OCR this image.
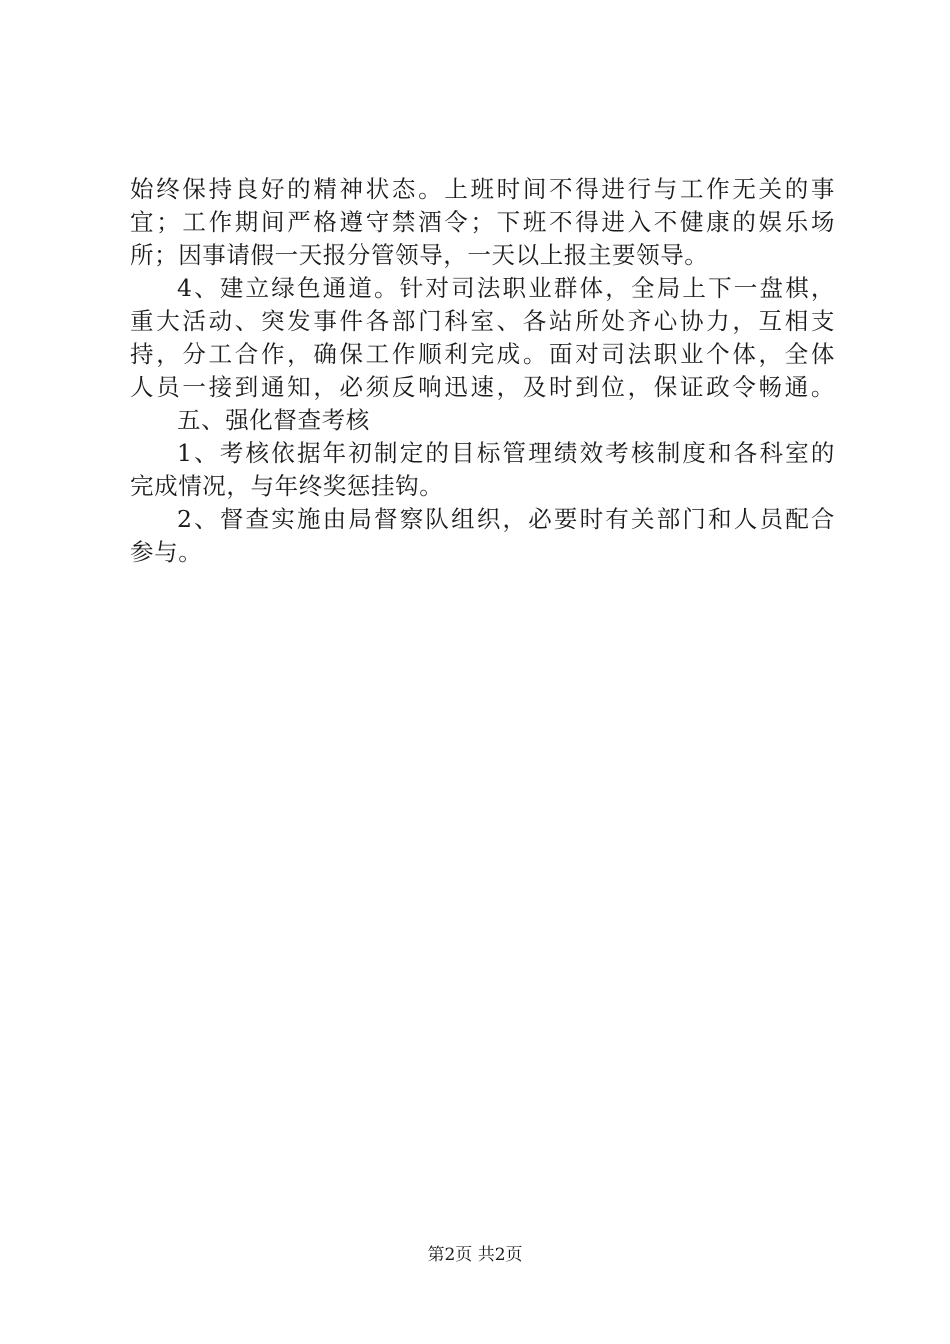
始终保持良好的精神状态。上班时间不得进行与工作无关的事
宜；工作期间严格遵守禁酒令；下班不得进入不健康的娱乐场
所；因事请假一天报分管领导，一天以上报主要领导。
4、建立绿色通道。针对司法职业群体，全局上下一盘棋，
重大活动、突发事件各部门科室、各站所处齐心协力，互相支
持，分工合作，确保工作顺利完成。面对司法职业个体，全体
人员一接到通知，必须反响迅速，及时到位，保证政令畅通。
五、强化督查考核
1、考核依据年初制定的目标管理绩效考核制度和各科室的
完成情况，与年终奖惩挂钩。
2、督查实施由局督察队组织，必要时有关部门和人员配合
参与。
第2页 共2页
